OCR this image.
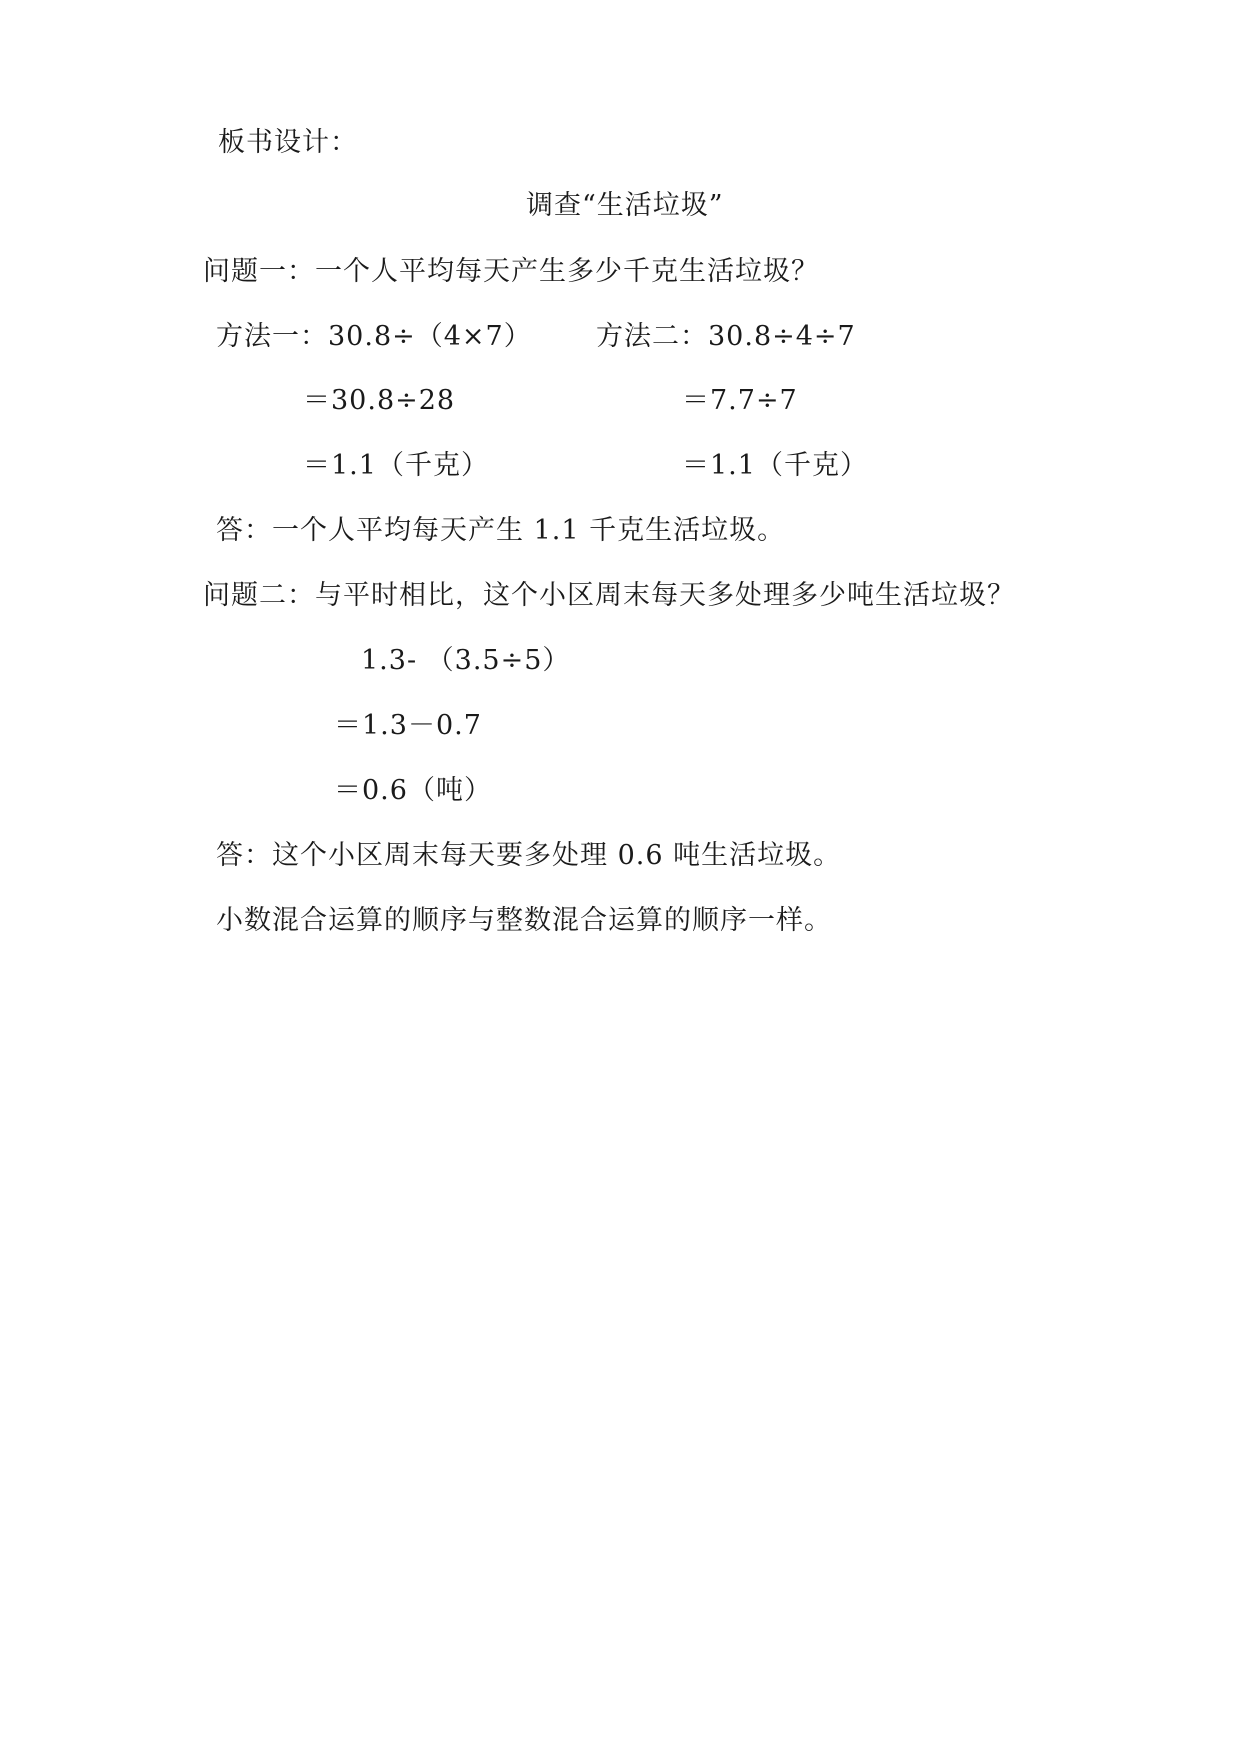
板书设计：
调查“生活垃圾”
问题一：一个人平均每天产生多少千克生活垃圾？
方法一：30.8÷（4×7） 方法二：30.8÷4÷7
＝30.8÷28	＝7.7÷7
＝1.1（千克）	＝1.1（千克）
答：一个人平均每天产生 1.1 千克生活垃圾。
问题二：与平时相比，这个小区周末每天多处理多少吨生活垃圾？
1.3- （3.5÷5）
＝1.3－0.7
＝0.6（吨）
答：这个小区周末每天要多处理 0.6 吨生活垃圾。
小数混合运算的顺序与整数混合运算的顺序一样。
